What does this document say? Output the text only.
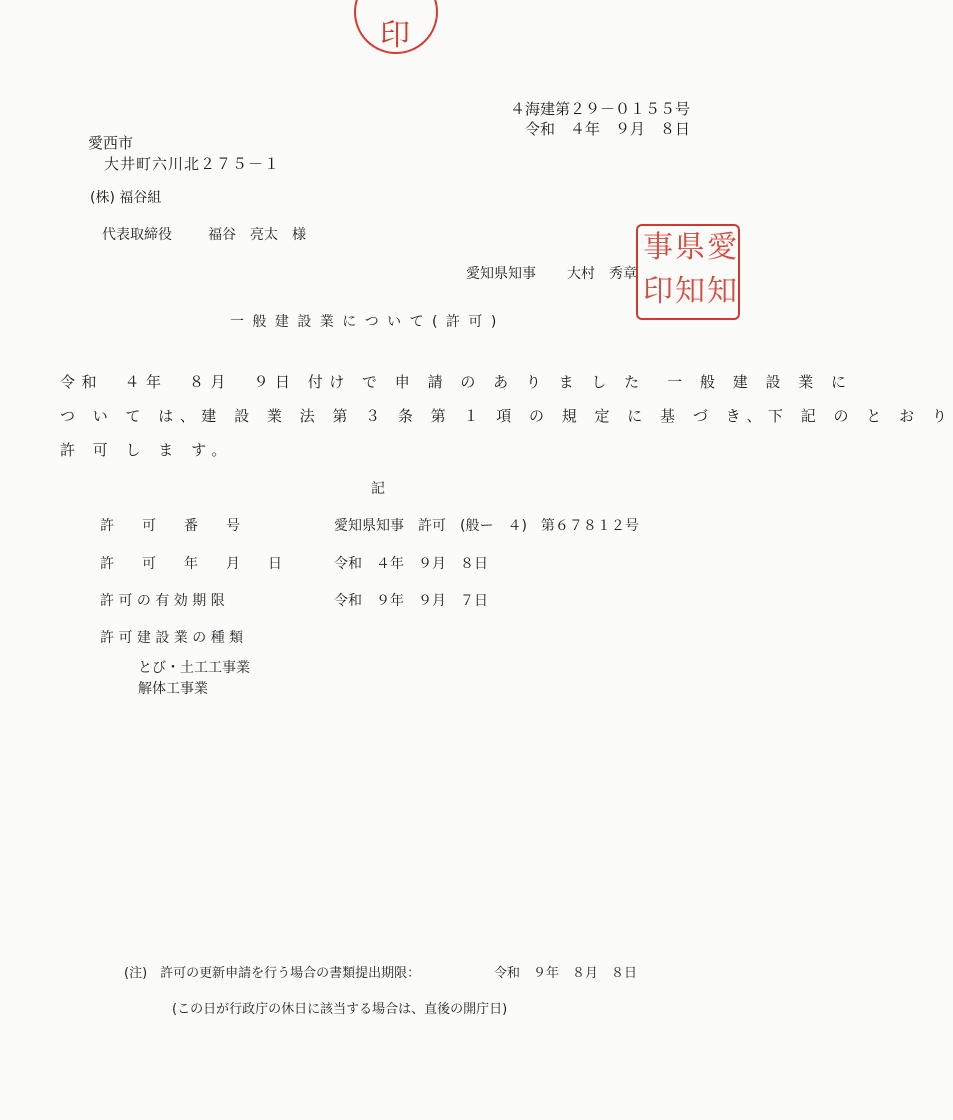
印
愛
知
県
知
事
印
４海建第２９－０１５５号
令和　４年　９月　８日
愛西市
大井町六川北２７５－１
(株) 福谷組
代表取締役	福谷　亮太　様
愛知県知事 大村　秀章
一 般 建 設 業 に つ い て ( 許 可 )
令和　４年　８月　９日 付け で 申 請 の あ り ま し た　一 般 建 設 業 に
つ い て は、建 設 業 法 第 ３ 条 第 １ 項 の 規 定 に 基 づ き、下 記 の と お り
許 可 し ま す。
記
許　　可　　番　　号	愛知県知事　許可　(般ー　４)　第６７８１２号
許　　可　　年　　月　　日	令和　４年　９月　８日
許 可 の 有 効 期 限	令和　９年　９月　７日
許 可 建 設 業 の 種 類
とび・土工工事業
解体工事業
(注)　許可の更新申請を行う場合の書類提出期限：	令和　９年　８月　８日
(この日が行政庁の休日に該当する場合は、直後の開庁日)
